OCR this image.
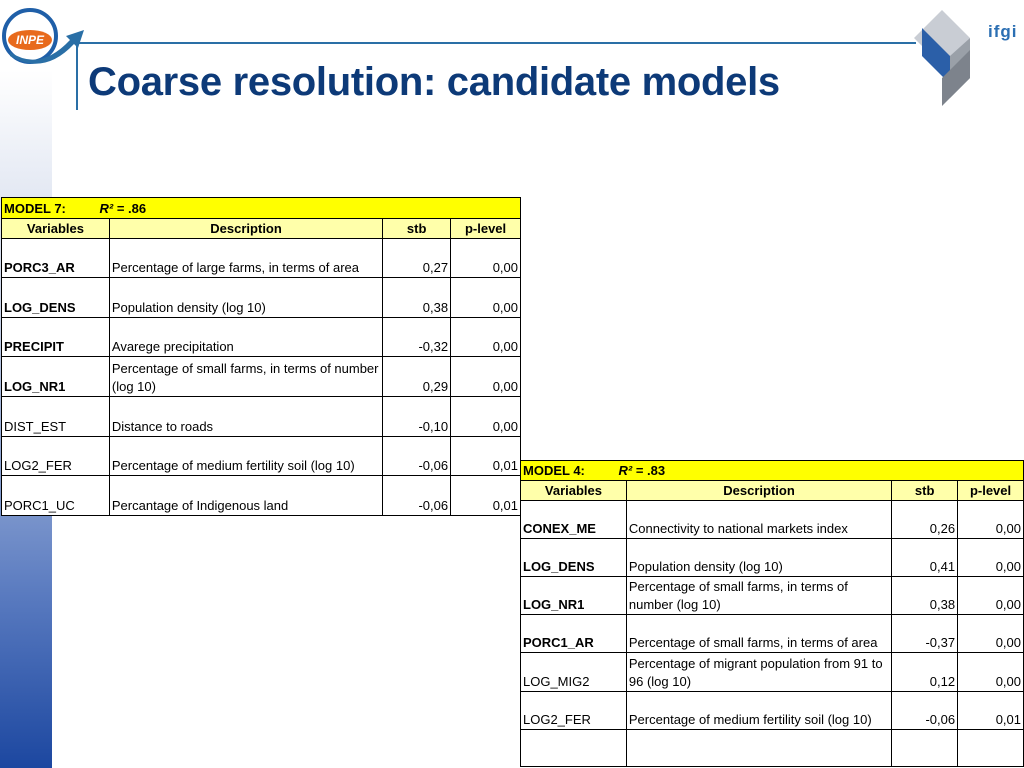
INPE	ifgi
Coarse resolution: candidate models
MODEL 7: R² = .86			
Variables	Description	stb	p-level
PORC3_AR	Percentage of large farms, in terms of area	0,27	0,00
LOG_DENS	Population density (log 10)	0,38	0,00
PRECIPIT	Avarege precipitation	-0,32	0,00
LOG_NR1	Percentage of small farms, in terms of number (log 10)	0,29	0,00
DIST_EST	Distance to roads	-0,10	0,00
LOG2_FER	Percentage of medium fertility soil (log 10)	-0,06	0,01
PORC1_UC	Percantage of Indigenous land	-0,06	0,01
MODEL 4: R² = .83			
Variables	Description	stb	p-level
CONEX_ME	Connectivity to national markets index	0,26	0,00
LOG_DENS	Population density (log 10)	0,41	0,00
LOG_NR1	Percentage of small farms, in terms of number (log 10)	0,38	0,00
PORC1_AR	Percentage of small farms, in terms of area	-0,37	0,00
LOG_MIG2	Percentage of migrant population from 91 to 96 (log 10)	0,12	0,00
LOG2_FER	Percentage of medium fertility soil (log 10)	-0,06	0,01
